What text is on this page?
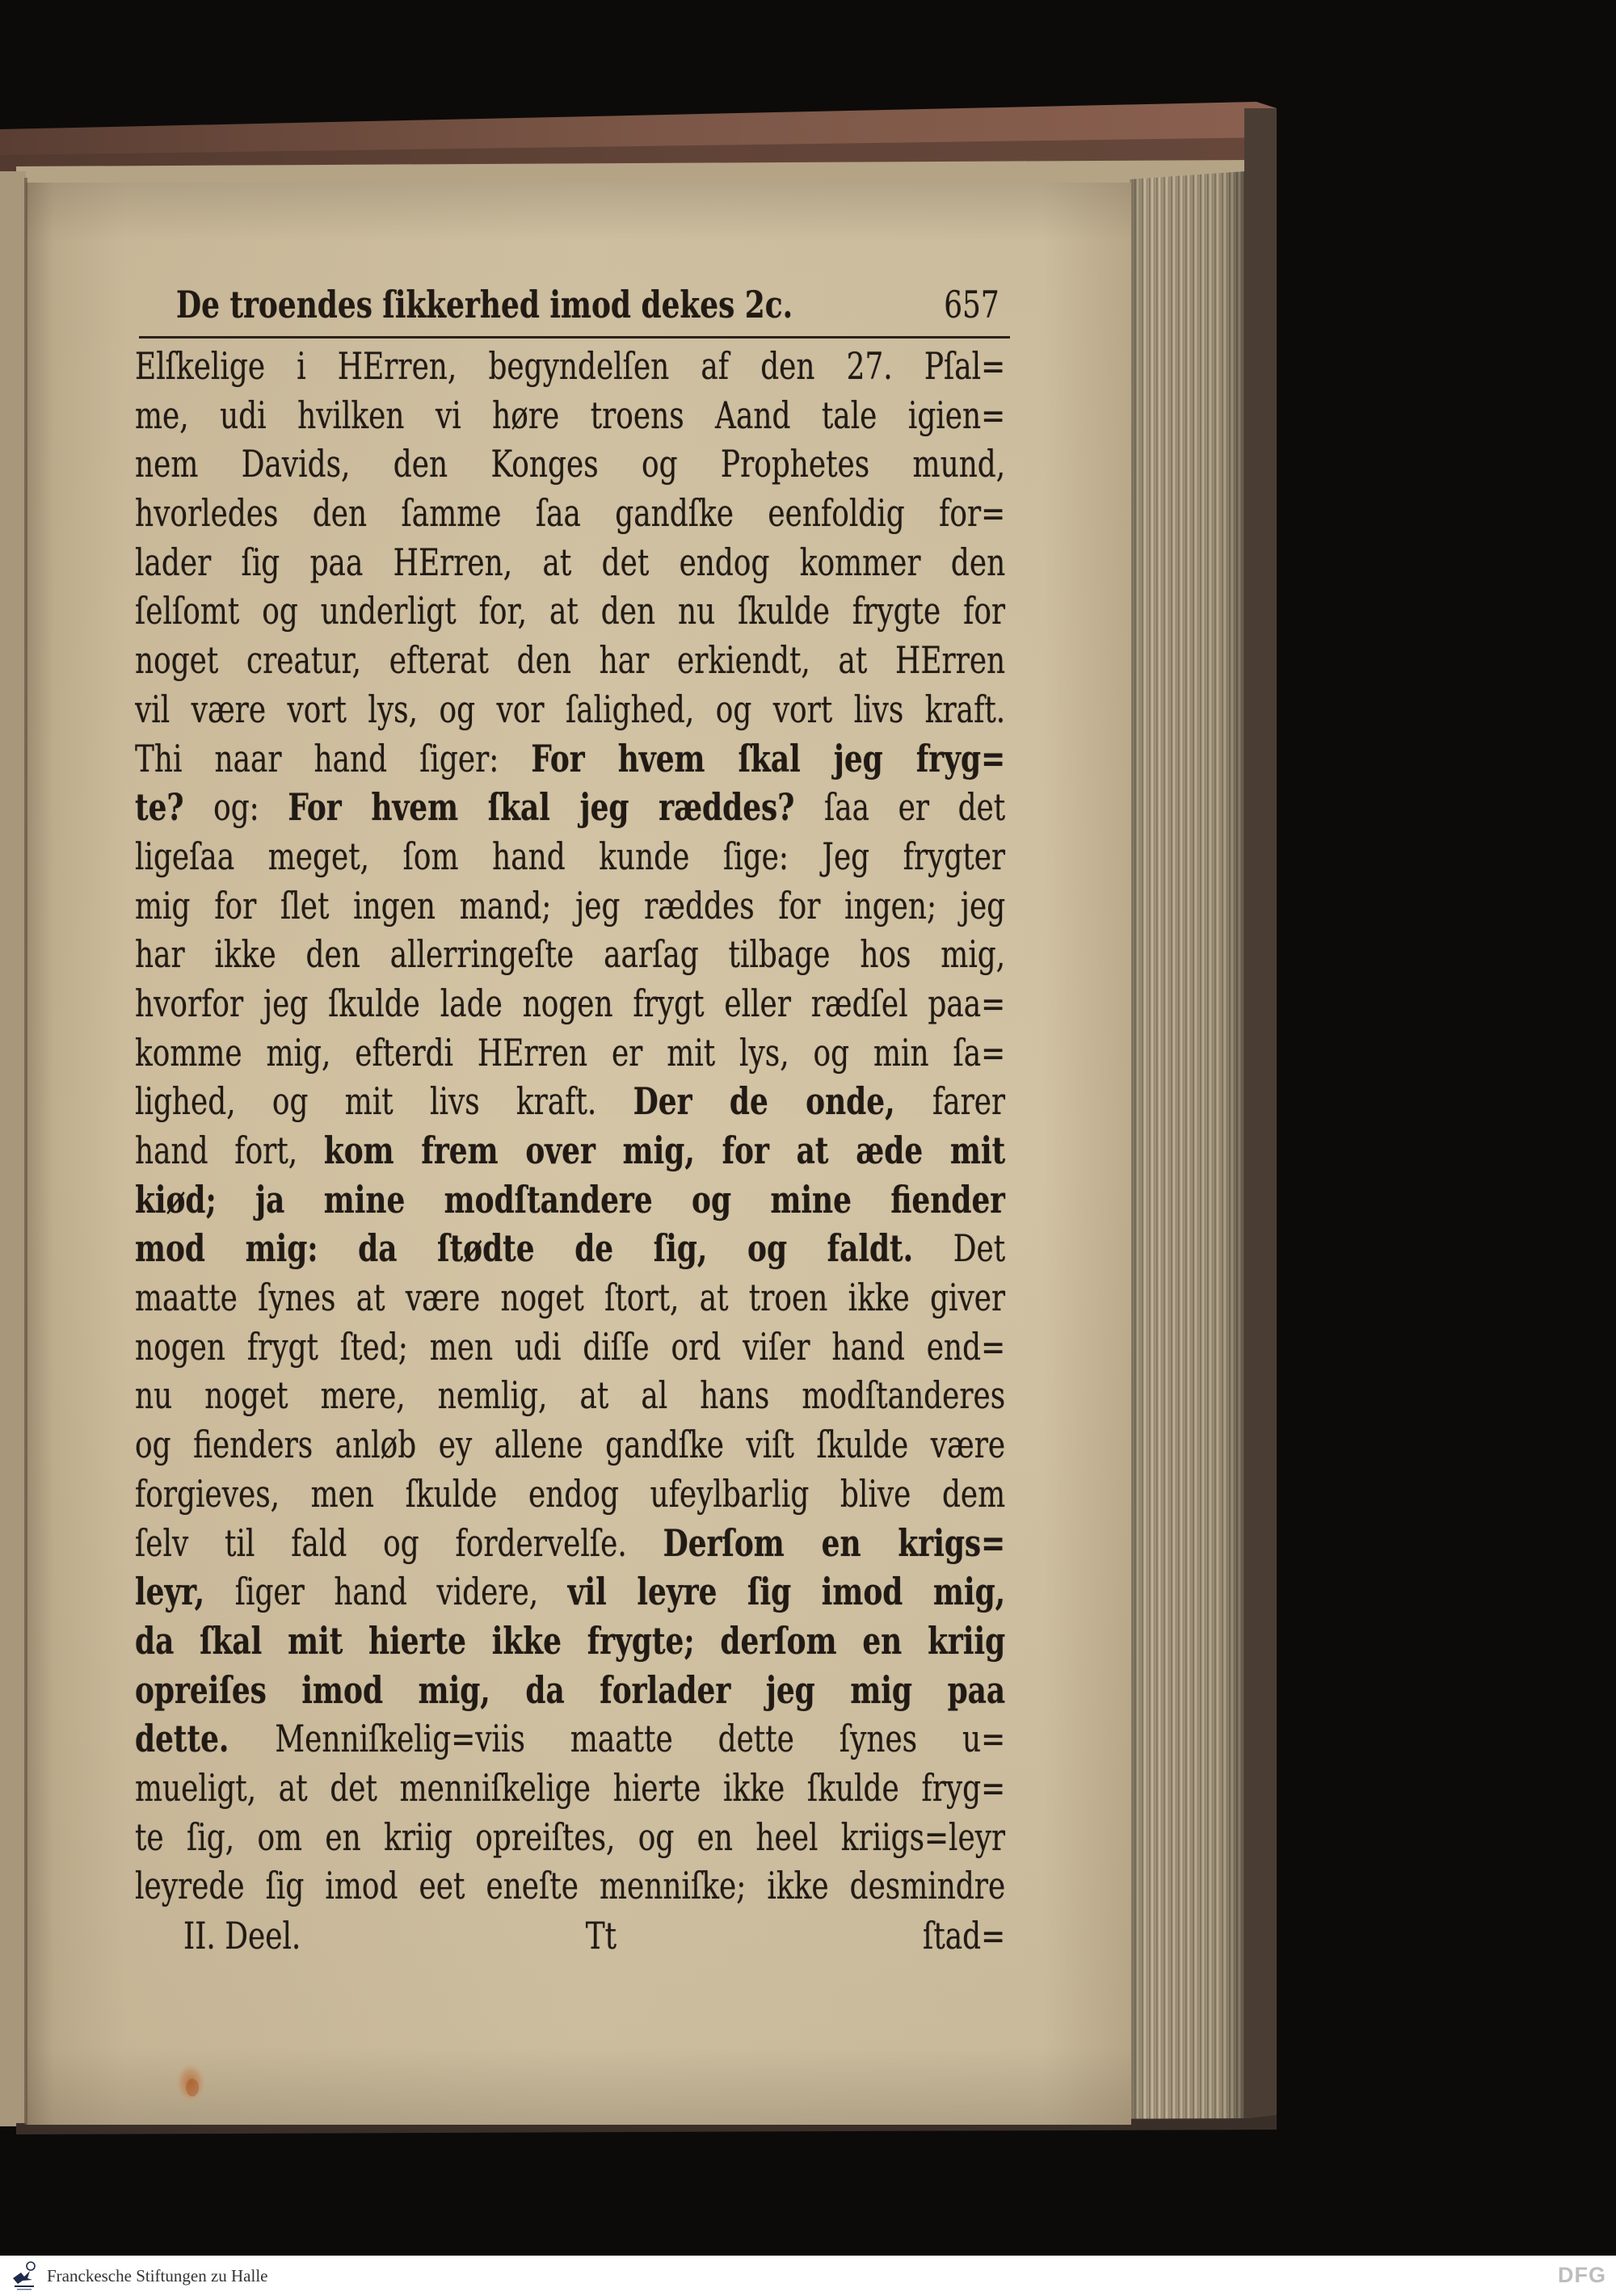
De troendes ſikkerhed imod dekes 2c.	657
Elſkelige i HErren, begyndelſen af den 27. Pſal=
me, udi hvilken vi høre troens Aand tale igien=
nem Davids, den Konges og Prophetes mund,
hvorledes den ſamme ſaa gandſke eenfoldig for=
lader ſig paa HErren, at det endog kommer den
ſelſomt og underligt for, at den nu ſkulde frygte for
noget creatur, efterat den har erkiendt, at HErren
vil være vort lys, og vor ſalighed, og vort livs kraft.
Thi naar hand ſiger: For hvem ſkal jeg fryg=
te? og: For hvem ſkal jeg ræddes? ſaa er det
ligeſaa meget, ſom hand kunde ſige: Jeg frygter
mig for ſlet ingen mand; jeg ræddes for ingen; jeg
har ikke den allerringeſte aarſag tilbage hos mig,
hvorfor jeg ſkulde lade nogen frygt eller rædſel paa=
komme mig, efterdi HErren er mit lys, og min ſa=
lighed, og mit livs kraft. Der de onde, farer
hand fort, kom frem over mig, for at æde mit
kiød; ja mine modſtandere og mine fiender
mod mig: da ſtødte de ſig, og faldt. Det
maatte ſynes at være noget ſtort, at troen ikke giver
nogen frygt ſted; men udi diſſe ord viſer hand end=
nu noget mere, nemlig, at al hans modſtanderes
og fienders anløb ey allene gandſke viſt ſkulde være
forgieves, men ſkulde endog ufeylbarlig blive dem
ſelv til fald og fordervelſe. Derſom en krigs=
leyr, ſiger hand videre, vil leyre ſig imod mig,
da ſkal mit hierte ikke frygte; derſom en kriig
opreiſes imod mig, da forlader jeg mig paa
dette. Menniſkelig=viis maatte dette ſynes u=
mueligt, at det menniſkelige hierte ikke ſkulde fryg=
te ſig, om en kriig opreiſtes, og en heel kriigs=leyr
leyrede ſig imod eet eneſte menniſke; ikke desmindre
II. Deel.	Tt	ſtad=
Franckesche Stiftungen zu Halle	DFG
